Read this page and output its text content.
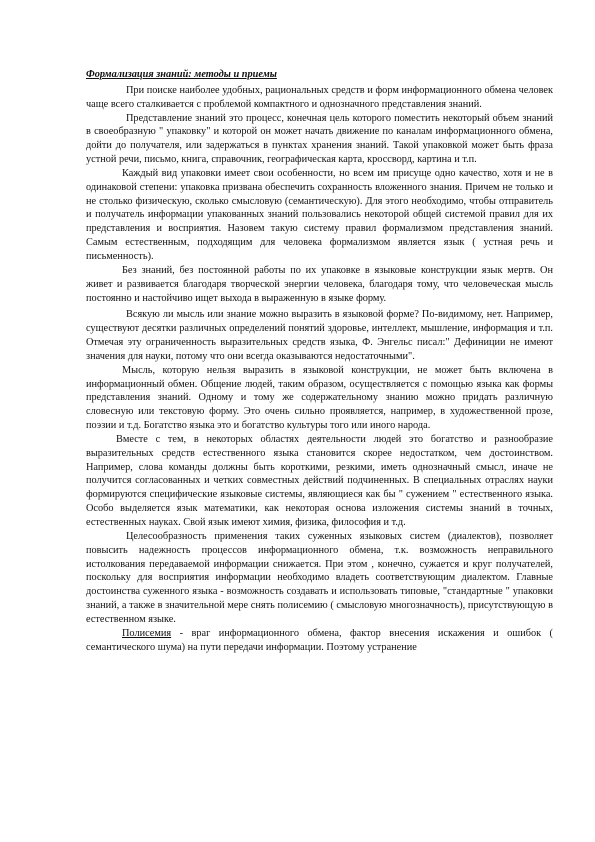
Формализация знаний: методы и приемы

При поиске наиболее удобных, рациональных средств и форм информационного обмена человек чаще всего сталкивается с проблемой компактного и однозначного представления знаний.

Представление знаний это процесс, конечная цель которого поместить некоторый объем знаний в своеобразную " упаковку" и которой он может начать движение по каналам информационного обмена, дойти до получателя, или задержаться в пунктах хранения знаний. Такой упаковкой может быть фраза устной речи, письмо, книга, справочник, географическая карта, кроссворд, картина и т.п.

Каждый вид упаковки имеет свои особенности, но всем им присуще одно качество, хотя и не в одинаковой степени: упаковка призвана обеспечить сохранность вложенного знания. Причем не только и не столько физическую, сколько смысловую (семантическую). Для этого необходимо, чтобы отправитель и получатель информации упакованных знаний пользовались некоторой общей системой правил для их представления и восприятия. Назовем такую систему правил формализмом представления знаний. Самым естественным, подходящим для человека формализмом является язык ( устная речь и письменность).

Без знаний, без постоянной работы по их упаковке в языковые конструкции язык мертв. Он живет и развивается благодаря творческой энергии человека, благодаря тому, что человеческая мысль постоянно и настойчиво ищет выхода в выраженную в языке форму.

Всякую ли мысль или знание можно выразить в языковой форме? По-видимому, нет. Например, существуют десятки различных определений понятий здоровье, интеллект, мышление, информация и т.п. Отмечая эту ограниченность выразительных средств языка, Ф. Энгельс писал:" Дефиниции не имеют значения для науки, потому что они всегда оказываются недостаточными".

Мысль, которую нельзя выразить в языковой конструкции, не может быть включена в информационный обмен. Общение людей, таким образом, осуществляется с помощью языка как формы представления знаний. Одному и тому же содержательному знанию можно придать различную словесную или текстовую форму. Это очень сильно проявляется, например, в художественной прозе, поэзии и т.д. Богатство языка это и богатство культуры того или иного народа.

Вместе с тем, в некоторых областях деятельности людей это богатство и разнообразие выразительных средств естественного языка становится скорее недостатком, чем достоинством. Например, слова команды должны быть короткими, резкими, иметь однозначный смысл, иначе не получится согласованных и четких совместных действий подчиненных. В специальных отраслях науки формируются специфические языковые системы, являющиеся как бы " сужением " естественного языка. Особо выделяется язык математики, как некоторая основа изложения системы знаний в точных, естественных науках. Свой язык имеют химия, физика, философия и т.д.

Целесообразность применения таких суженных языковых систем (диалектов), позволяет повысить надежность процессов информационного обмена, т.к. возможность неправильного истолкования передаваемой информации снижается. При этом , конечно, сужается и круг получателей, поскольку для восприятия информации необходимо владеть соответствующим диалектом. Главные достоинства суженного языка - возможность создавать и использовать типовые, "стандартные " упаковки знаний, а также в значительной мере снять полисемию ( смысловую многозначность), присутствующую в естественном языке.

Полисемия - враг информационного обмена, фактор внесения искажения и ошибок ( семантического шума) на пути передачи информации. Поэтому устранение
